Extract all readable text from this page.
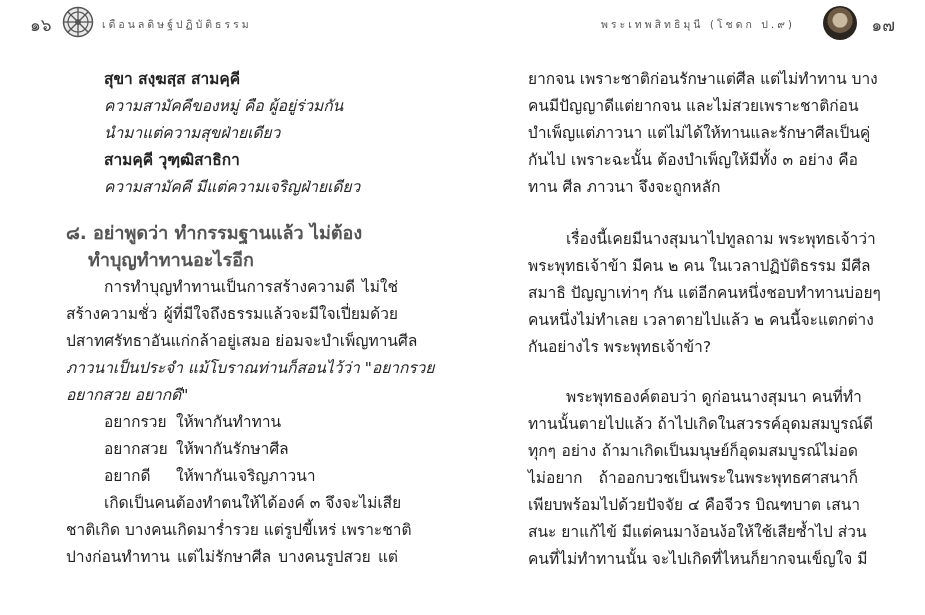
๑๖	เดือนลดิษฐ์ปฏิบัติธรรม	พระเทพสิทธิมุนี (โชดก ป.๙)	๑๗
สุขา สงฺฆสฺส สามคฺคี
ความสามัคคีของหมู่ คือ ผู้อยู่ร่วมกัน
นำมาแต่ความสุขฝ่ายเดียว
สามคฺคี วุฑฺฒิสาธิกา
ความสามัคคี มีแต่ความเจริญฝ่ายเดียว
๘. อย่าพูดว่า ทำกรรมฐานแล้ว ไม่ต้อง
ทำบุญทำทานอะไรอีก
การทำบุญทำทานเป็นการสร้างความดี ไม่ใช่
สร้างความชั่ว ผู้ที่มีใจถึงธรรมแล้วจะมีใจเปี่ยมด้วย
ปสาทศรัทธาอันแก่กล้าอยู่เสมอ ย่อมจะบำเพ็ญทานศีล
ภาวนาเป็นประจำ แม้โบราณท่านก็สอนไว้ว่า "อยากรวย
อยากสวย อยากดี"
อยากรวย ให้พากันทำทาน
อยากสวย ให้พากันรักษาศีล
อยากดี ให้พากันเจริญภาวนา
เกิดเป็นคนต้องทำตนให้ได้องค์ ๓ จึงจะไม่เสีย
ชาติเกิด บางคนเกิดมาร่ำรวย แต่รูปขี้เหร่ เพราะชาติ
ปางก่อนทำทาน แต่ไม่รักษาศีล บางคนรูปสวย แต่
ยากจน เพราะชาติก่อนรักษาแต่ศีล แต่ไม่ทำทาน บาง
คนมีปัญญาดีแต่ยากจน และไม่สวยเพราะชาติก่อน
บำเพ็ญแต่ภาวนา แต่ไม่ได้ให้ทานและรักษาศีลเป็นคู่
กันไป เพราะฉะนั้น ต้องบำเพ็ญให้มีทั้ง ๓ อย่าง คือ
ทาน ศีล ภาวนา จึงจะถูกหลัก
เรื่องนี้เคยมีนางสุมนาไปทูลถาม พระพุทธเจ้าว่า
พระพุทธเจ้าข้า มีคน ๒ คน ในเวลาปฏิบัติธรรม มีศีล
สมาธิ ปัญญาเท่าๆ กัน แต่อีกคนหนึ่งชอบทำทานบ่อยๆ
คนหนึ่งไม่ทำเลย เวลาตายไปแล้ว ๒ คนนี้จะแตกต่าง
กันอย่างไร พระพุทธเจ้าข้า?
พระพุทธองค์ตอบว่า ดูก่อนนางสุมนา คนที่ทำ
ทานนั้นตายไปแล้ว ถ้าไปเกิดในสวรรค์อุดมสมบูรณ์ดี
ทุกๆ อย่าง ถ้ามาเกิดเป็นมนุษย์ก็อุดมสมบูรณ์ไม่อด
ไม่อยาก ถ้าออกบวชเป็นพระในพระพุทธศาสนาก็
เพียบพร้อมไปด้วยปัจจัย ๔ คือจีวร บิณฑบาต เสนา
สนะ ยาแก้ไข้ มีแต่คนมาง้อนง้อให้ใช้เสียซ้ำไป ส่วน
คนที่ไม่ทำทานนั้น จะไปเกิดที่ไหนก็ยากจนเข็ญใจ มี
